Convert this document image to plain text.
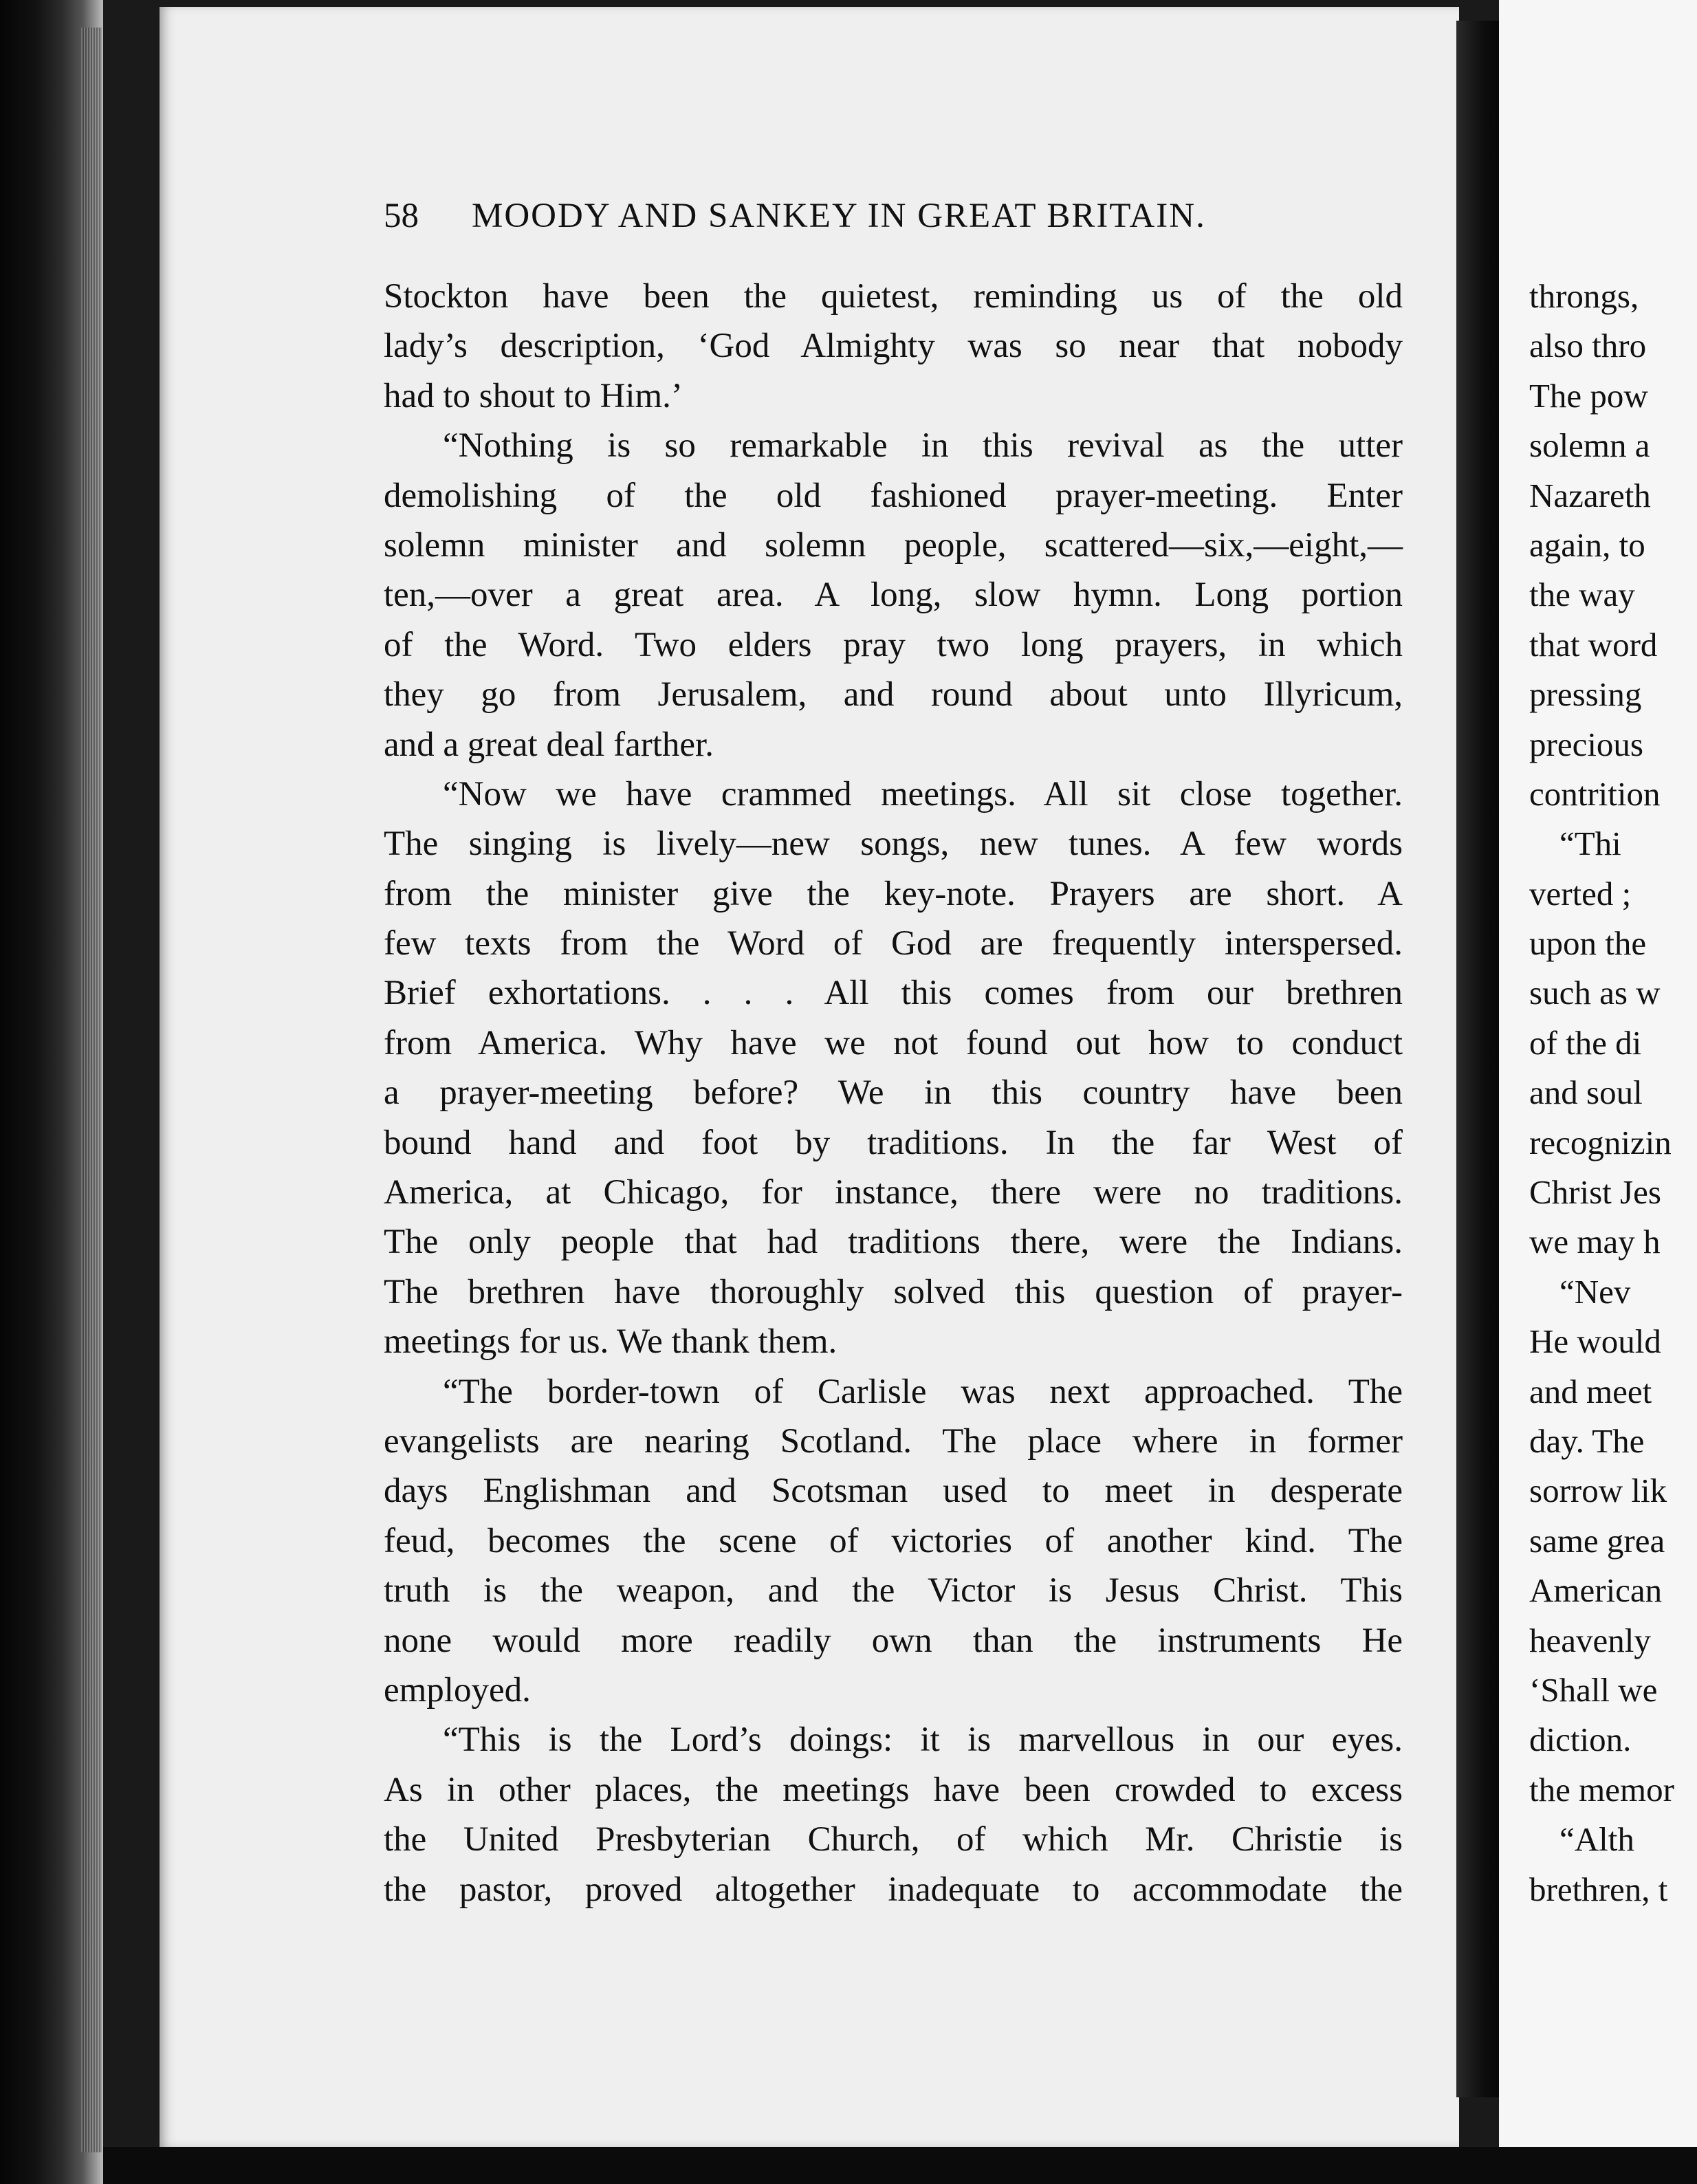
58 MOODY AND SANKEY IN GREAT BRITAIN.
Stockton have been the quietest, reminding us of the old
lady’s description, ‘God Almighty was so near that nobody
had to shout to Him.’
“Nothing is so remarkable in this revival as the utter
demolishing of the old fashioned prayer-meeting. Enter
solemn minister and solemn people, scattered—six,—eight,—
ten,—over a great area. A long, slow hymn. Long portion
of the Word. Two elders pray two long prayers, in which
they go from Jerusalem, and round about unto Illyricum,
and a great deal farther.
“Now we have crammed meetings. All sit close together.
The singing is lively—new songs, new tunes. A few words
from the minister give the key-note. Prayers are short. A
few texts from the Word of God are frequently interspersed.
Brief exhortations. . . . All this comes from our brethren
from America. Why have we not found out how to conduct
a prayer-meeting before? We in this country have been
bound hand and foot by traditions. In the far West of
America, at Chicago, for instance, there were no traditions.
The only people that had traditions there, were the Indians.
The brethren have thoroughly solved this question of prayer-
meetings for us. We thank them.
“The border-town of Carlisle was next approached. The
evangelists are nearing Scotland. The place where in former
days Englishman and Scotsman used to meet in desperate
feud, becomes the scene of victories of another kind. The
truth is the weapon, and the Victor is Jesus Christ. This
none would more readily own than the instruments He
employed.
“This is the Lord’s doings: it is marvellous in our eyes.
As in other places, the meetings have been crowded to excess
the United Presbyterian Church, of which Mr. Christie is
the pastor, proved altogether inadequate to accommodate the
throngs,
also thro
The pow
solemn a
Nazareth
again, to
the way
that word
pressing
precious
contrition
“Thi
verted ;
upon the
such as w
of the di
and soul
recognizin
Christ Jes
we may h
“Nev
He would
and meet
day. The
sorrow lik
same grea
American
heavenly
‘Shall we
diction.
the memor
“Alth
brethren, t
